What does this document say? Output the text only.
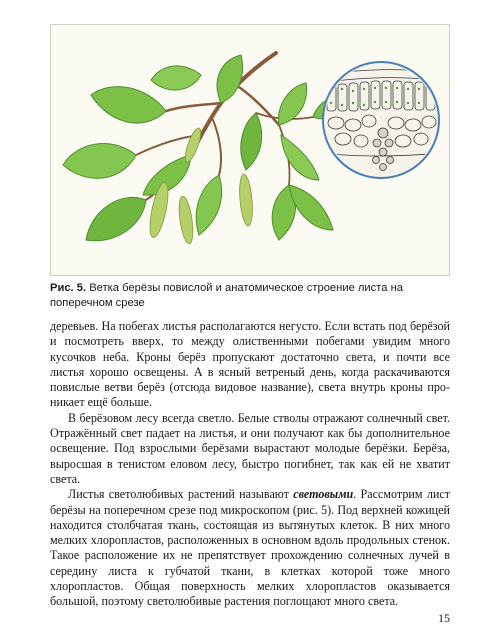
Рис. 5. Ветка берёзы повислой и анатомическое строение листа на поперечном срезе

деревьев. На побегах листья располагаются негусто. Если встать под берёзой и посмотреть вверх, то между олиственными побегами увидим много кусочков неба. Кроны берёз пропускают достаточно света, и почти все листья хорошо освещены. А в ясный ветреный день, когда раскачиваются повислые ветви берёз (отсюда видовое название), света внутрь кроны проникает ещё больше.

В берёзовом лесу всегда светло. Белые стволы отражают солнечный свет. Отражённый свет падает на листья, и они получают как бы дополнительное освещение. Под взрослыми берёзами вырастают молодые берёзки. Берёза, выросшая в тенистом еловом лесу, быстро погибнет, так как ей не хватит света.

Листья светолюбивых растений называют световыми. Рассмотрим лист берёзы на поперечном срезе под микроскопом (рис. 5). Под верхней кожицей находится столбчатая ткань, состоящая из вытянутых клеток. В них много мелких хлоропластов, расположенных в основном вдоль продольных стенок. Такое расположение их не препятствует прохождению солнечных лучей в середину листа к губчатой ткани, в клетках которой тоже много хлоропластов. Общая поверхность мелких хлоропластов оказывается большой, поэтому светолюбивые растения поглощают много света.

15
